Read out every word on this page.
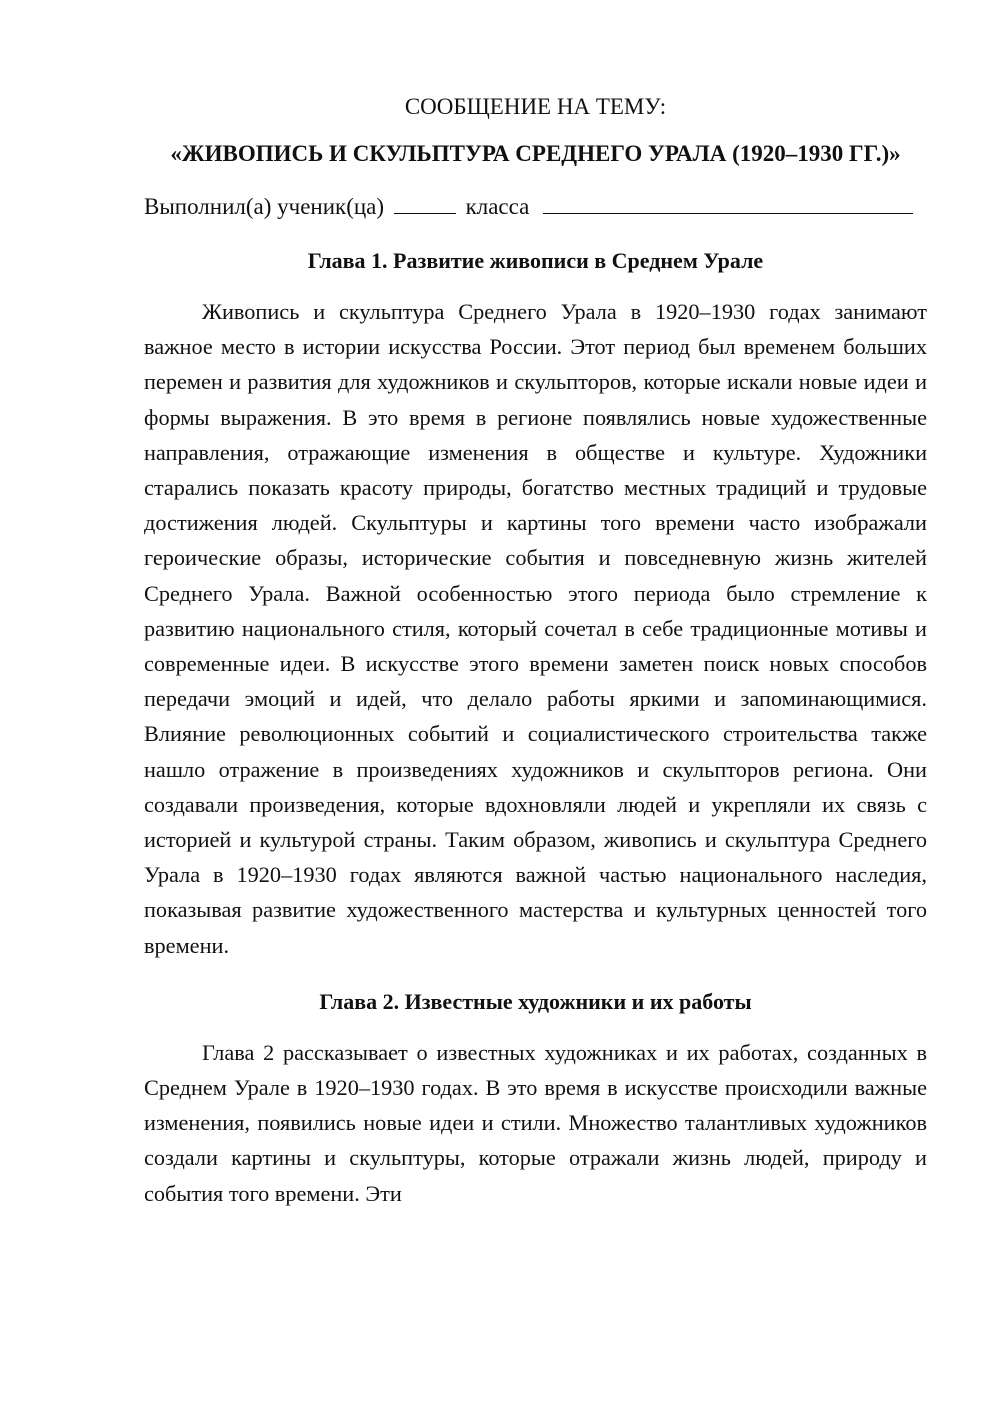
СООБЩЕНИЕ НА ТЕМУ:

«ЖИВОПИСЬ И СКУЛЬПТУРА СРЕДНЕГО УРАЛА (1920–1930 ГГ.)»

Выполнил(а) ученик(ца)	класса
Глава 1. Развитие живописи в Среднем Урале

Живопись и скульптура Среднего Урала в 1920–1930 годах занимают важное место в истории искусства России. Этот период был временем больших перемен и развития для художников и скульпторов, которые искали новые идеи и формы выражения. В это время в регионе появлялись новые художественные направления, отражающие изменения в обществе и культуре. Художники старались показать красоту природы, богатство местных традиций и трудовые достижения людей. Скульптуры и картины того времени часто изображали героические образы, исторические события и повседневную жизнь жителей Среднего Урала. Важной особенностью этого периода было стремление к развитию национального стиля, который сочетал в себе традиционные мотивы и современные идеи. В искусстве этого времени заметен поиск новых способов передачи эмоций и идей, что делало работы яркими и запоминающимися. Влияние революционных событий и социалистического строительства также нашло отражение в произведениях художников и скульпторов региона. Они создавали произведения, которые вдохновляли людей и укрепляли их связь с историей и культурой страны. Таким образом, живопись и скульптура Среднего Урала в 1920–1930 годах являются важной частью национального наследия, показывая развитие художественного мастерства и культурных ценностей того времени.

Глава 2. Известные художники и их работы

Глава 2 рассказывает о известных художниках и их работах, созданных в Среднем Урале в 1920–1930 годах. В это время в искусстве происходили важные изменения, появились новые идеи и стили. Множество талантливых художников создали картины и скульптуры, которые отражали жизнь людей, природу и события того времени. Эти
